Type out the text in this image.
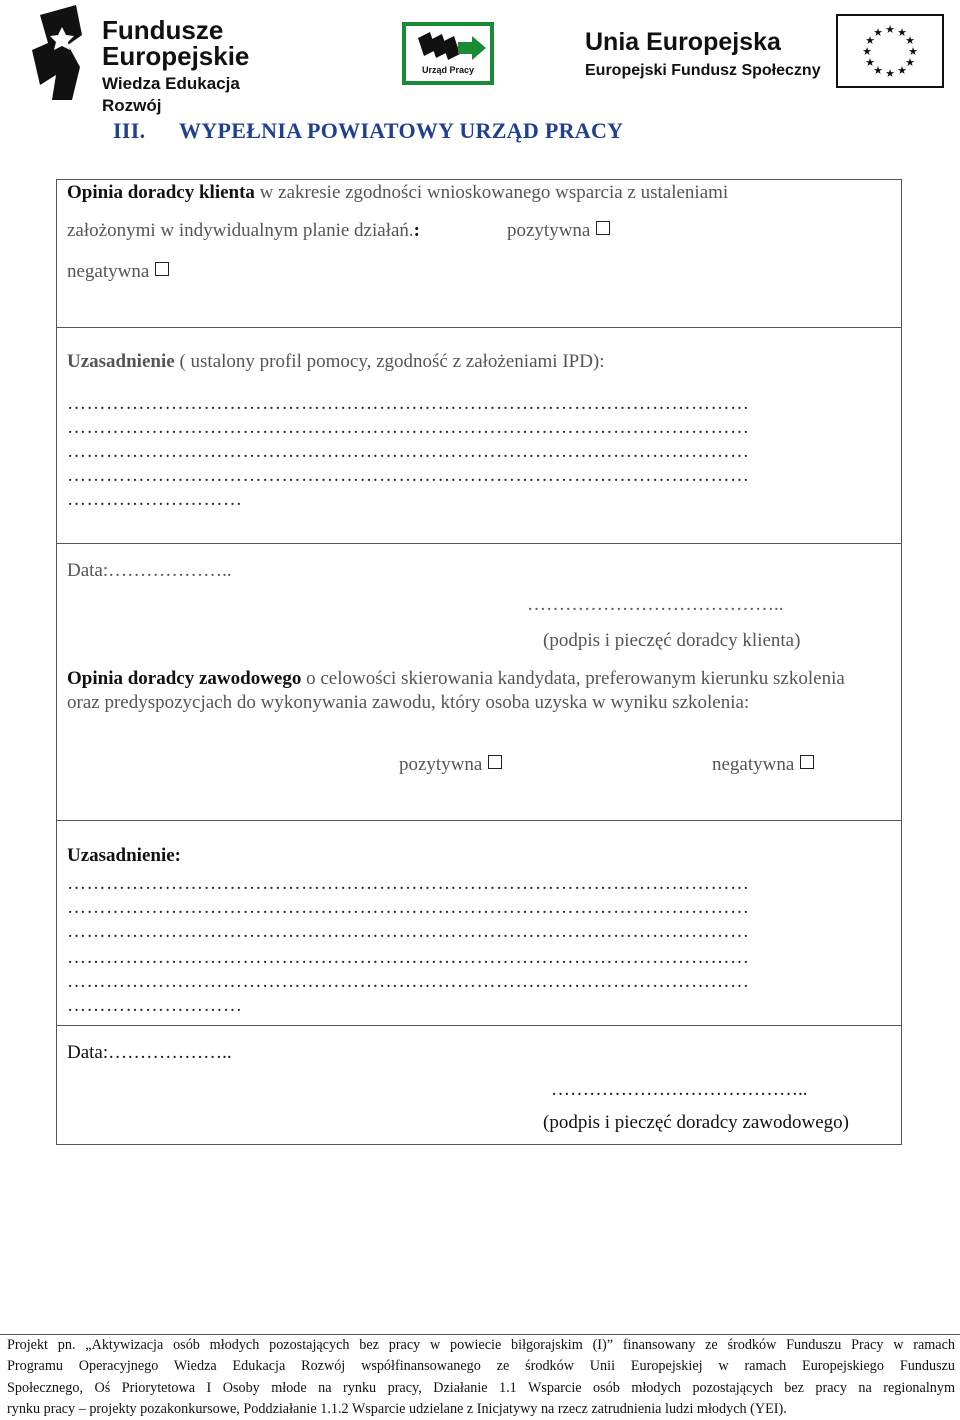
Fundusze
Europejskie
Wiedza Edukacja Rozwój
Urząd Pracy
Unia Europejska
Europejski Fundusz Społeczny
★ ★
★
★
★
★
★
★
★
★
★
★
III. WYPEŁNIA POWIATOWY URZĄD PRACY
Opinia doradcy klienta w zakresie zgodności wnioskowanego wsparcia z ustaleniami
założonymi w indywidualnym planie działań.:	pozytywna
negatywna
Uzasadnienie ( ustalony profil pomocy, zgodność z założeniami IPD):
……………………………………………………………………………………………
……………………………………………………………………………………………
……………………………………………………………………………………………
……………………………………………………………………………………………
………………………
Data:………………..
…………………………………..
(podpis i pieczęć doradcy klienta)
Opinia doradcy zawodowego o celowości skierowania kandydata, preferowanym kierunku szkolenia oraz predyspozycjach do wykonywania zawodu, który osoba uzyska w wyniku szkolenia:
pozytywna	negatywna
Uzasadnienie:
……………………………………………………………………………………………
……………………………………………………………………………………………
……………………………………………………………………………………………
……………………………………………………………………………………………
……………………………………………………………………………………………
………………………
Data:………………..
…………………………………..
(podpis i pieczęć doradcy zawodowego)
Projekt pn. „Aktywizacja osób młodych pozostających bez pracy w powiecie biłgorajskim (I)” finansowany ze środków Funduszu Pracy w ramach
Programu Operacyjnego Wiedza Edukacja Rozwój współfinansowanego ze środków Unii Europejskiej w ramach Europejskiego Funduszu
Społecznego, Oś Priorytetowa I Osoby młode na rynku pracy, Działanie 1.1 Wsparcie osób młodych pozostających bez pracy na regionalnym
rynku pracy – projekty pozakonkursowe, Poddziałanie 1.1.2 Wsparcie udzielane z Inicjatywy na rzecz zatrudnienia ludzi młodych (YEI).
